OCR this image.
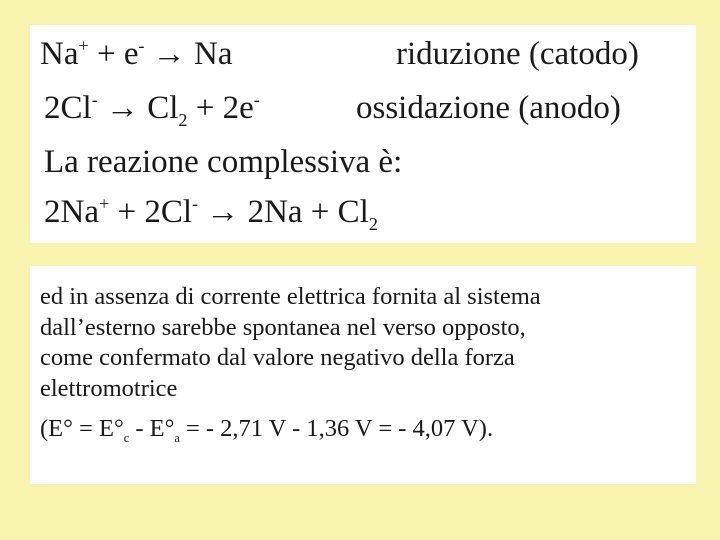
Na+ + e- → Na	riduzione (catodo)
$2Cl^- \to Cl_2 + 2e^-$	ossidazione (anodo)
La reazione complessiva è:
$2Na^+ + 2Cl^- \to 2Na + Cl_2$

ed in assenza di corrente elettrica fornita al sistema

dall’esterno sarebbe spontanea nel verso opposto,

come confermato dal valore negativo della forza

elettromotrice

($E^\circ = E^\circ_c - E^\circ_a$ = - 2,71 V - 1,36 V = - 4,07 V).
